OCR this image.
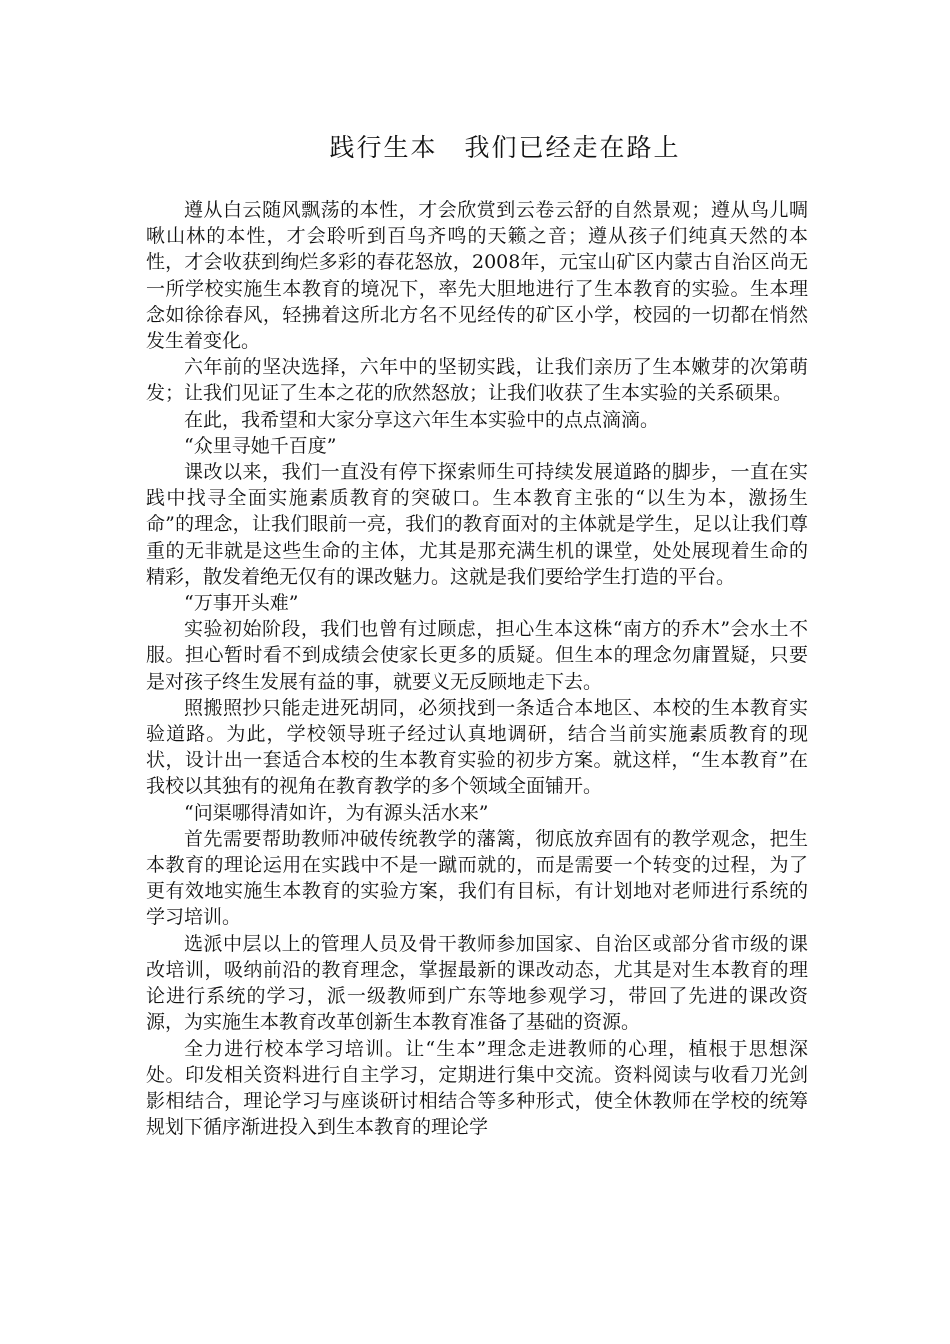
践行生本　我们已经走在路上

遵从白云随风飘荡的本性，才会欣赏到云卷云舒的自然景观；遵从鸟儿啁啾山林的本性，才会聆听到百鸟齐鸣的天籁之音；遵从孩子们纯真天然的本性，才会收获到绚烂多彩的春花怒放，2008年，元宝山矿区内蒙古自治区尚无一所学校实施生本教育的境况下，率先大胆地进行了生本教育的实验。生本理念如徐徐春风，轻拂着这所北方名不见经传的矿区小学，校园的一切都在悄然发生着变化。

六年前的坚决选择，六年中的坚韧实践，让我们亲历了生本嫩芽的次第萌发；让我们见证了生本之花的欣然怒放；让我们收获了生本实验的关系硕果。

在此，我希望和大家分享这六年生本实验中的点点滴滴。

“众里寻她千百度”

课改以来，我们一直没有停下探索师生可持续发展道路的脚步，一直在实践中找寻全面实施素质教育的突破口。生本教育主张的“以生为本，激扬生命”的理念，让我们眼前一亮，我们的教育面对的主体就是学生，足以让我们尊重的无非就是这些生命的主体，尤其是那充满生机的课堂，处处展现着生命的精彩，散发着绝无仅有的课改魅力。这就是我们要给学生打造的平台。

“万事开头难”

实验初始阶段，我们也曾有过顾虑，担心生本这株“南方的乔木”会水土不服。担心暂时看不到成绩会使家长更多的质疑。但生本的理念勿庸置疑，只要是对孩子终生发展有益的事，就要义无反顾地走下去。

照搬照抄只能走进死胡同，必须找到一条适合本地区、本校的生本教育实验道路。为此，学校领导班子经过认真地调研，结合当前实施素质教育的现状，设计出一套适合本校的生本教育实验的初步方案。就这样，“生本教育”在我校以其独有的视角在教育教学的多个领域全面铺开。

“问渠哪得清如许，为有源头活水来”

首先需要帮助教师冲破传统教学的藩篱，彻底放弃固有的教学观念，把生本教育的理论运用在实践中不是一蹴而就的，而是需要一个转变的过程，为了更有效地实施生本教育的实验方案，我们有目标，有计划地对老师进行系统的学习培训。

选派中层以上的管理人员及骨干教师参加国家、自治区或部分省市级的课改培训，吸纳前沿的教育理念，掌握最新的课改动态，尤其是对生本教育的理论进行系统的学习，派一级教师到广东等地参观学习，带回了先进的课改资源，为实施生本教育改革创新生本教育准备了基础的资源。

全力进行校本学习培训。让“生本”理念走进教师的心理，植根于思想深处。印发相关资料进行自主学习，定期进行集中交流。资料阅读与收看刀光剑影相结合，理论学习与座谈研讨相结合等多种形式，使全休教师在学校的统筹规划下循序渐进投入到生本教育的理论学
